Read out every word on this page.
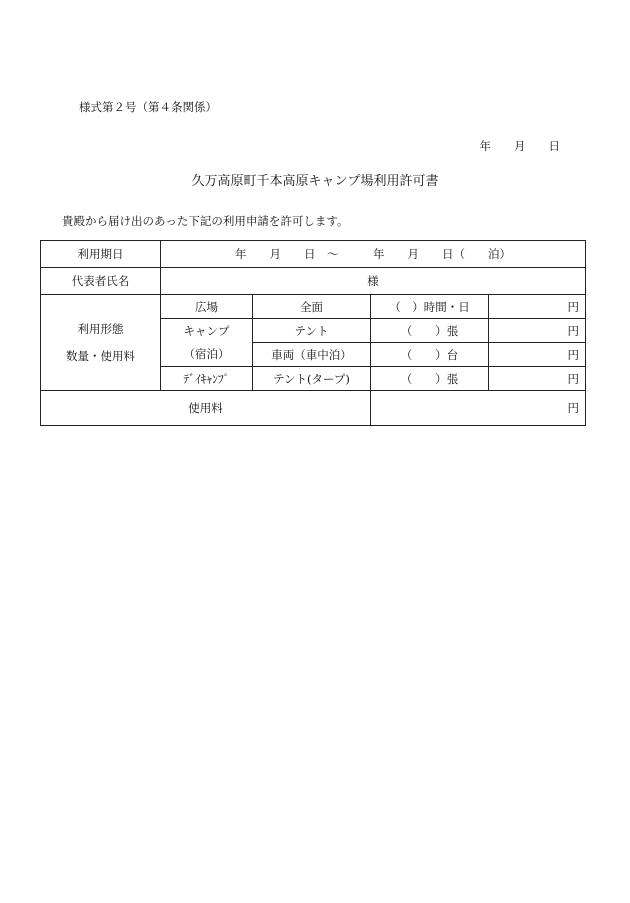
様式第２号（第４条関係）
年　　月　　日
久万高原町千本高原キャンプ場利用許可書
貴殿から届け出のあった下記の利用申請を許可します。
利用期日	年　　月　　日　～　　　年　　月　　日（　　泊）			
代表者氏名	様			

利用形態
数量・使用料	広場	全面	（　）時間・日	円
	キャンプ	テント	（　　）張	円
	（宿泊）	車両（車中泊）	（　　）台	円
	ﾃﾞｲｷｬﾝﾌﾟ	テント(タープ)	（　　）張	円
使用料			円	
